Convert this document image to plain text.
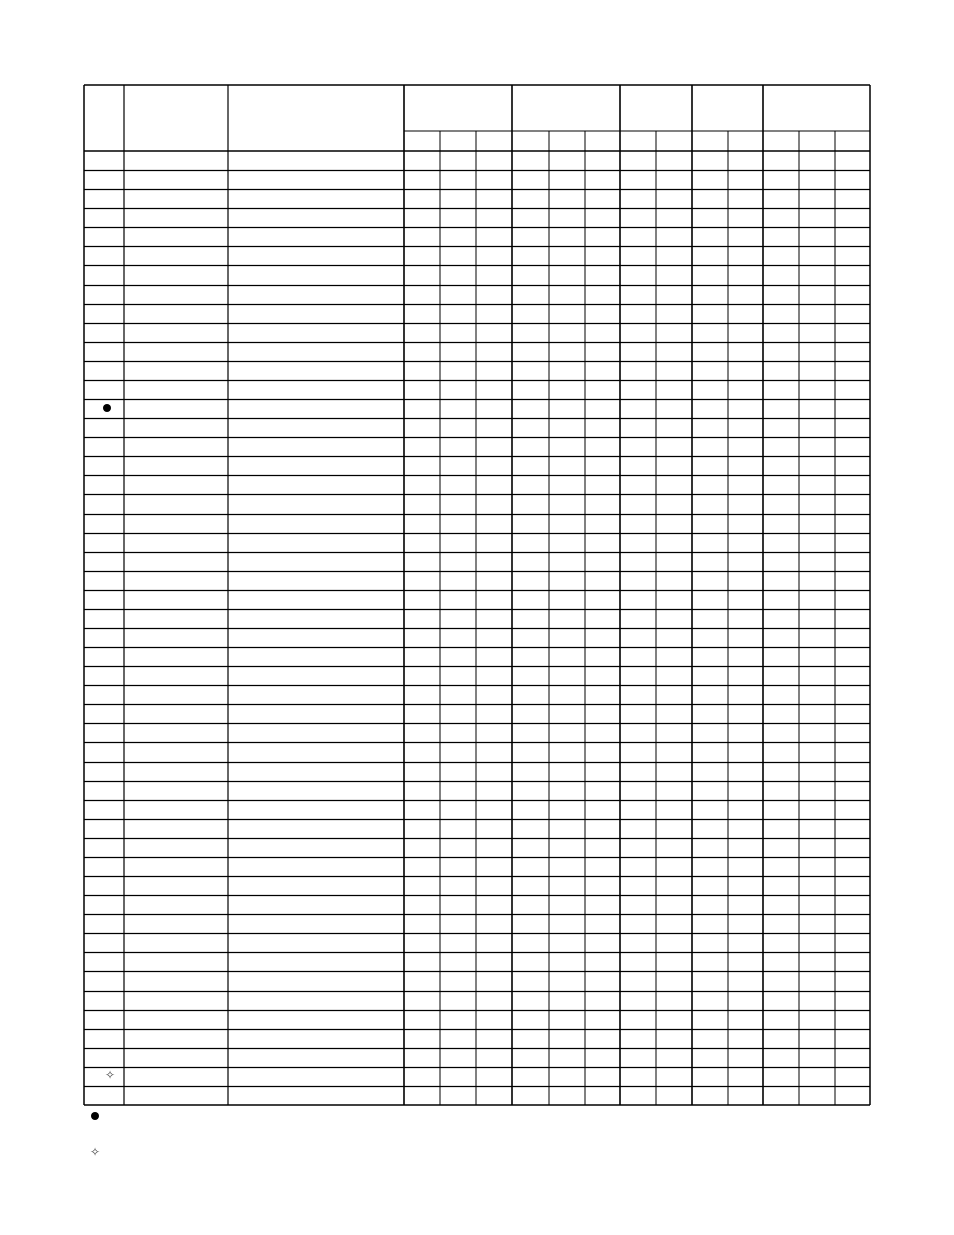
✧
✧
